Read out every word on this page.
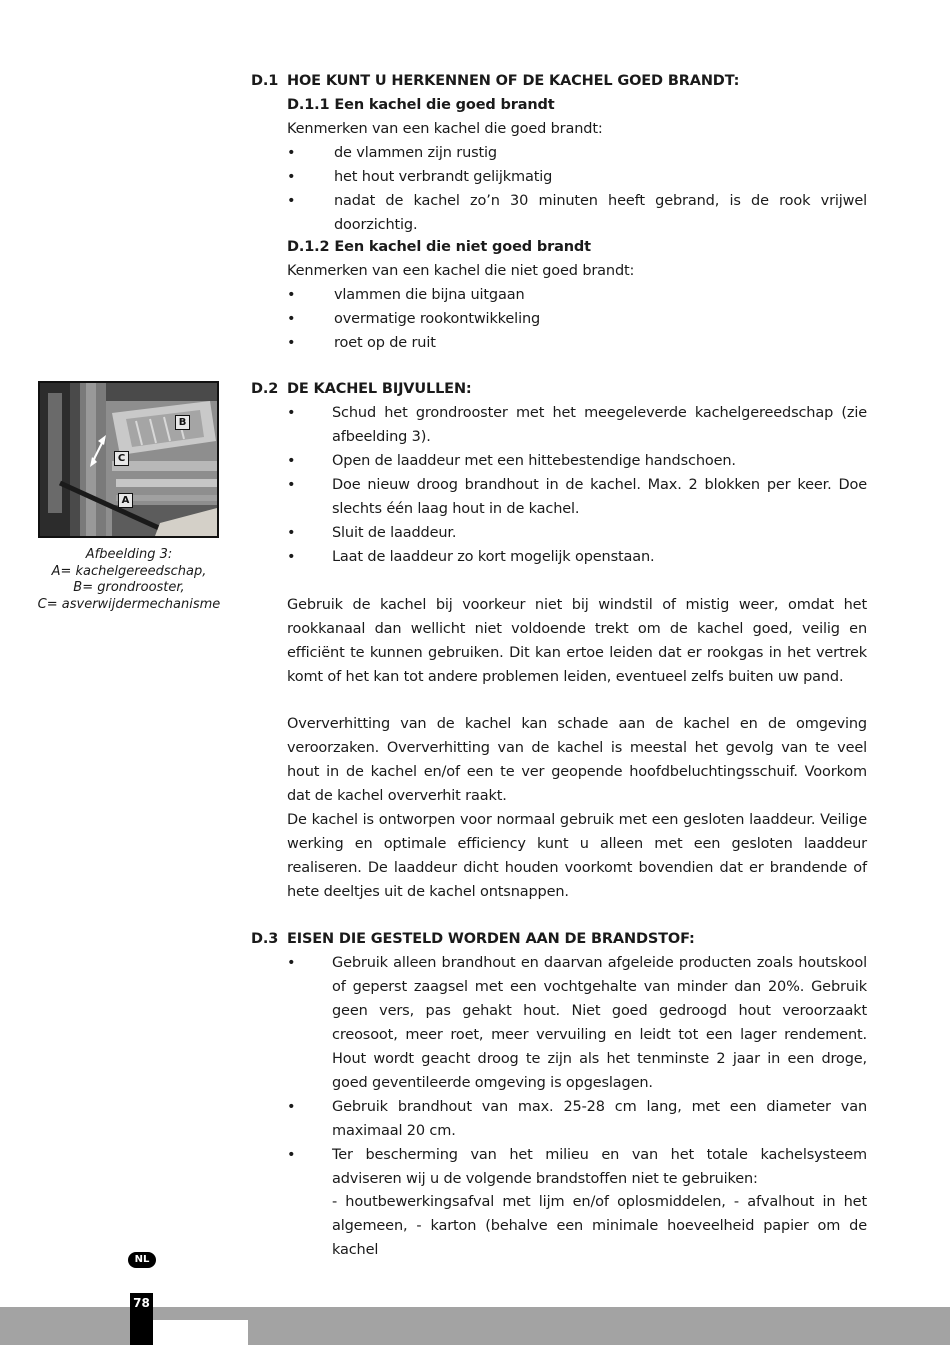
D.1 HOE KUNT U HERKENNEN OF DE KACHEL GOED BRANDT:
D.1.1 Een kachel die goed brandt
Kenmerken van een kachel die goed brandt:
• de vlammen zijn rustig
• het hout verbrandt gelijkmatig
• nadat de kachel zo’n 30 minuten heeft gebrand, is de rook vrijwel doorzichtig.
D.1.2 Een kachel die niet goed brandt
Kenmerken van een kachel die niet goed brandt:
• vlammen die bijna uitgaan
• overmatige rookontwikkeling
• roet op de ruit
B
C
A
Afbeelding 3:
A= kachelgereedschap,
B= grondrooster,
C= asverwijdermechanisme
D.2 DE KACHEL BIJVULLEN:
• Schud het grondrooster met het meegeleverde kachelgereedschap (zie afbeelding 3).
• Open de laaddeur met een hittebestendige handschoen.
• Doe nieuw droog brandhout in de kachel. Max. 2 blokken per keer. Doe slechts één laag hout in de kachel.
• Sluit de laaddeur.
• Laat de laaddeur zo kort mogelijk openstaan.
Gebruik de kachel bij voorkeur niet bij windstil of mistig weer, omdat het rookkanaal dan wellicht niet voldoende trekt om de kachel goed, veilig en efficiënt te kunnen gebruiken. Dit kan ertoe leiden dat er rookgas in het vertrek komt of het kan tot andere problemen leiden, eventueel zelfs buiten uw pand.
Oververhitting van de kachel kan schade aan de kachel en de omgeving veroorzaken. Oververhitting van de kachel is meestal het gevolg van te veel hout in de kachel en/of een te ver geopende hoofdbeluchtingsschuif. Voorkom dat de kachel oververhit raakt.
De kachel is ontworpen voor normaal gebruik met een gesloten laaddeur. Veilige werking en optimale efficiency kunt u alleen met een gesloten laaddeur realiseren. De laaddeur dicht houden voorkomt bovendien dat er brandende of hete deeltjes uit de kachel ontsnappen.
D.3 EISEN DIE GESTELD WORDEN AAN DE BRANDSTOF:
• Gebruik alleen brandhout en daarvan afgeleide producten zoals houtskool of geperst zaagsel met een vochtgehalte van minder dan 20%. Gebruik geen vers, pas gehakt hout. Niet goed gedroogd hout veroorzaakt creosoot, meer roet, meer vervuiling en leidt tot een lager rendement. Hout wordt geacht droog te zijn als het tenminste 2 jaar in een droge, goed geventileerde omgeving is opgeslagen.
• Gebruik brandhout van max. 25-28 cm lang, met een diameter van maximaal 20 cm.
• Ter bescherming van het milieu en van het totale kachelsysteem adviseren wij u de volgende brandstoffen niet te gebruiken:
- houtbewerkingsafval met lijm en/of oplosmiddelen, - afvalhout in het algemeen, - karton (behalve een minimale hoeveelheid papier om de kachel
NL
78
